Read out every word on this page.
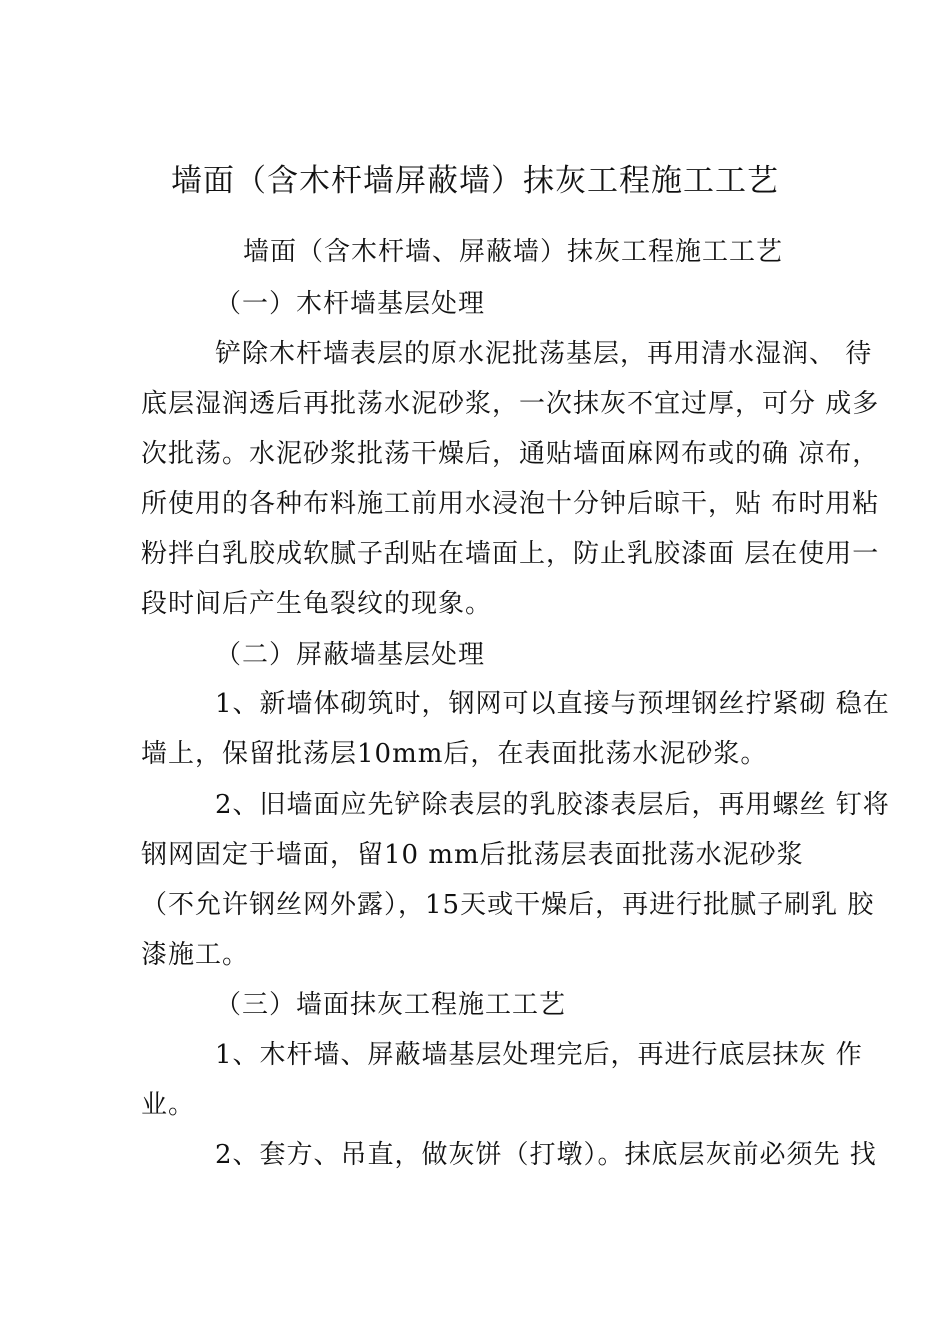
墙面（含木杆墙屏蔽墙）抹灰工程施工工艺
墙面（含木杆墙、屏蔽墙）抹灰工程施工工艺
（一）木杆墙基层处理
铲除木杆墙表层的原水泥批荡基层，再用清水湿润、 待
底层湿润透后再批荡水泥砂浆，一次抹灰不宜过厚，可分 成多
次批荡。水泥砂浆批荡干燥后，通贴墙面麻网布或的确 凉布，
所使用的各种布料施工前用水浸泡十分钟后晾干，贴 布时用粘
粉拌白乳胶成软腻子刮贴在墙面上，防止乳胶漆面 层在使用一
段时间后产生龟裂纹的现象。
（二）屏蔽墙基层处理
1、新墙体砌筑时，钢网可以直接与预埋钢丝拧紧砌 稳在
墙上，保留批荡层10mm后，在表面批荡水泥砂浆。
2、旧墙面应先铲除表层的乳胶漆表层后，再用螺丝 钉将
钢网固定于墙面，留10 mm后批荡层表面批荡水泥砂浆
（不允许钢丝网外露），15天或干燥后，再进行批腻子刷乳 胶
漆施工。
（三）墙面抹灰工程施工工艺
1、木杆墙、屏蔽墙基层处理完后，再进行底层抹灰 作
业。
2、套方、吊直，做灰饼（打墩）。抹底层灰前必须先 找
